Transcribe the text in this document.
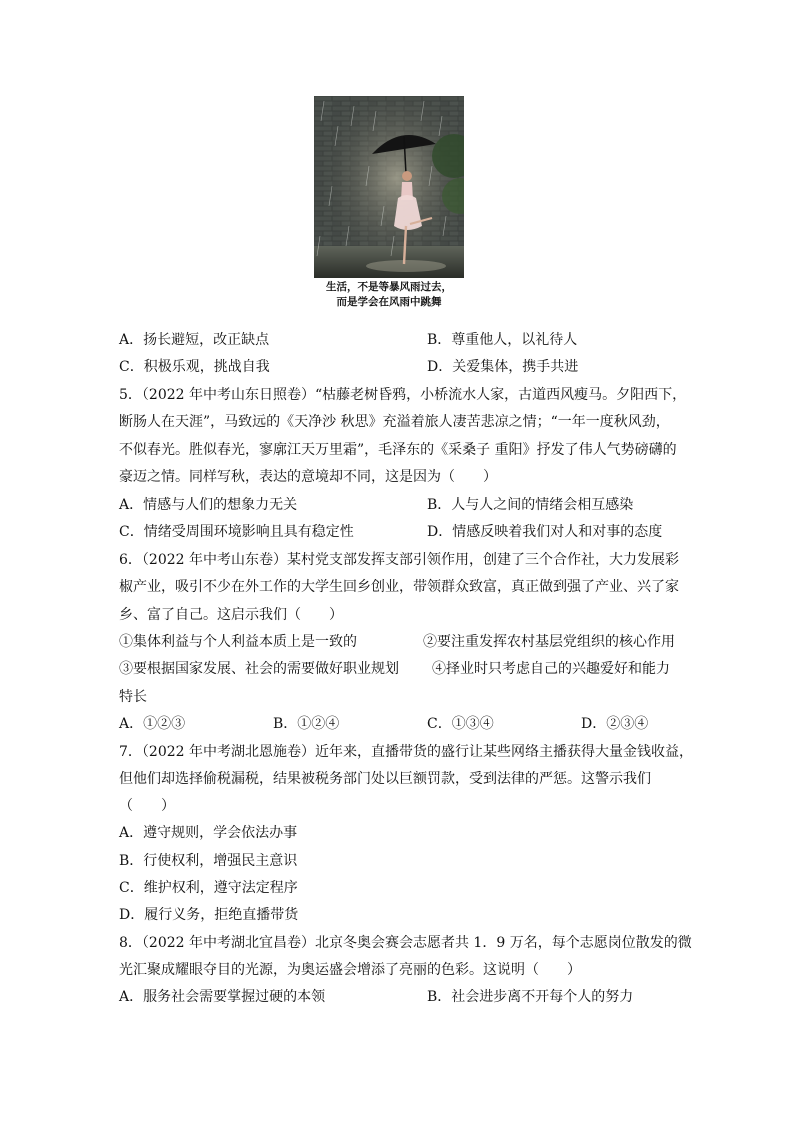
生活，不是等暴风雨过去，
而是学会在风雨中跳舞
A．扬长避短，改正缺点	B．尊重他人，以礼待人
C．积极乐观，挑战自我	D．关爱集体，携手共进
5．（2022 年中考山东日照卷）“枯藤老树昏鸦，小桥流水人家，古道西风瘦马。夕阳西下，
断肠人在天涯”，马致远的《天净沙 秋思》充溢着旅人凄苦悲凉之情；“一年一度秋风劲，
不似春光。胜似春光，寥廓江天万里霜”，毛泽东的《采桑子 重阳》抒发了伟人气势磅礴的
豪迈之情。同样写秋，表达的意境却不同，这是因为（　　）
A．情感与人们的想象力无关	B．人与人之间的情绪会相互感染
C．情绪受周围环境影响且具有稳定性	D．情感反映着我们对人和对事的态度
6．（2022 年中考山东卷）某村党支部发挥支部引领作用，创建了三个合作社，大力发展彩
椒产业，吸引不少在外工作的大学生回乡创业，带领群众致富，真正做到强了产业、兴了家
乡、富了自己。这启示我们（　　）
①集体利益与个人利益本质上是一致的	②要注重发挥农村基层党组织的核心作用
③要根据国家发展、社会的需要做好职业规划 ④择业时只考虑自己的兴趣爱好和能力
特长
A．①②③	B．①②④	C．①③④	D．②③④
7．（2022 年中考湖北恩施卷）近年来，直播带货的盛行让某些网络主播获得大量金钱收益，
但他们却选择偷税漏税，结果被税务部门处以巨额罚款，受到法律的严惩。这警示我们
（　　）
A．遵守规则，学会依法办事
B．行使权利，增强民主意识
C．维护权利，遵守法定程序
D．履行义务，拒绝直播带货
8．（2022 年中考湖北宜昌卷）北京冬奥会赛会志愿者共 1．9 万名，每个志愿岗位散发的微
光汇聚成耀眼夺目的光源，为奥运盛会增添了亮丽的色彩。这说明（　　）
A．服务社会需要掌握过硬的本领	B．社会进步离不开每个人的努力
